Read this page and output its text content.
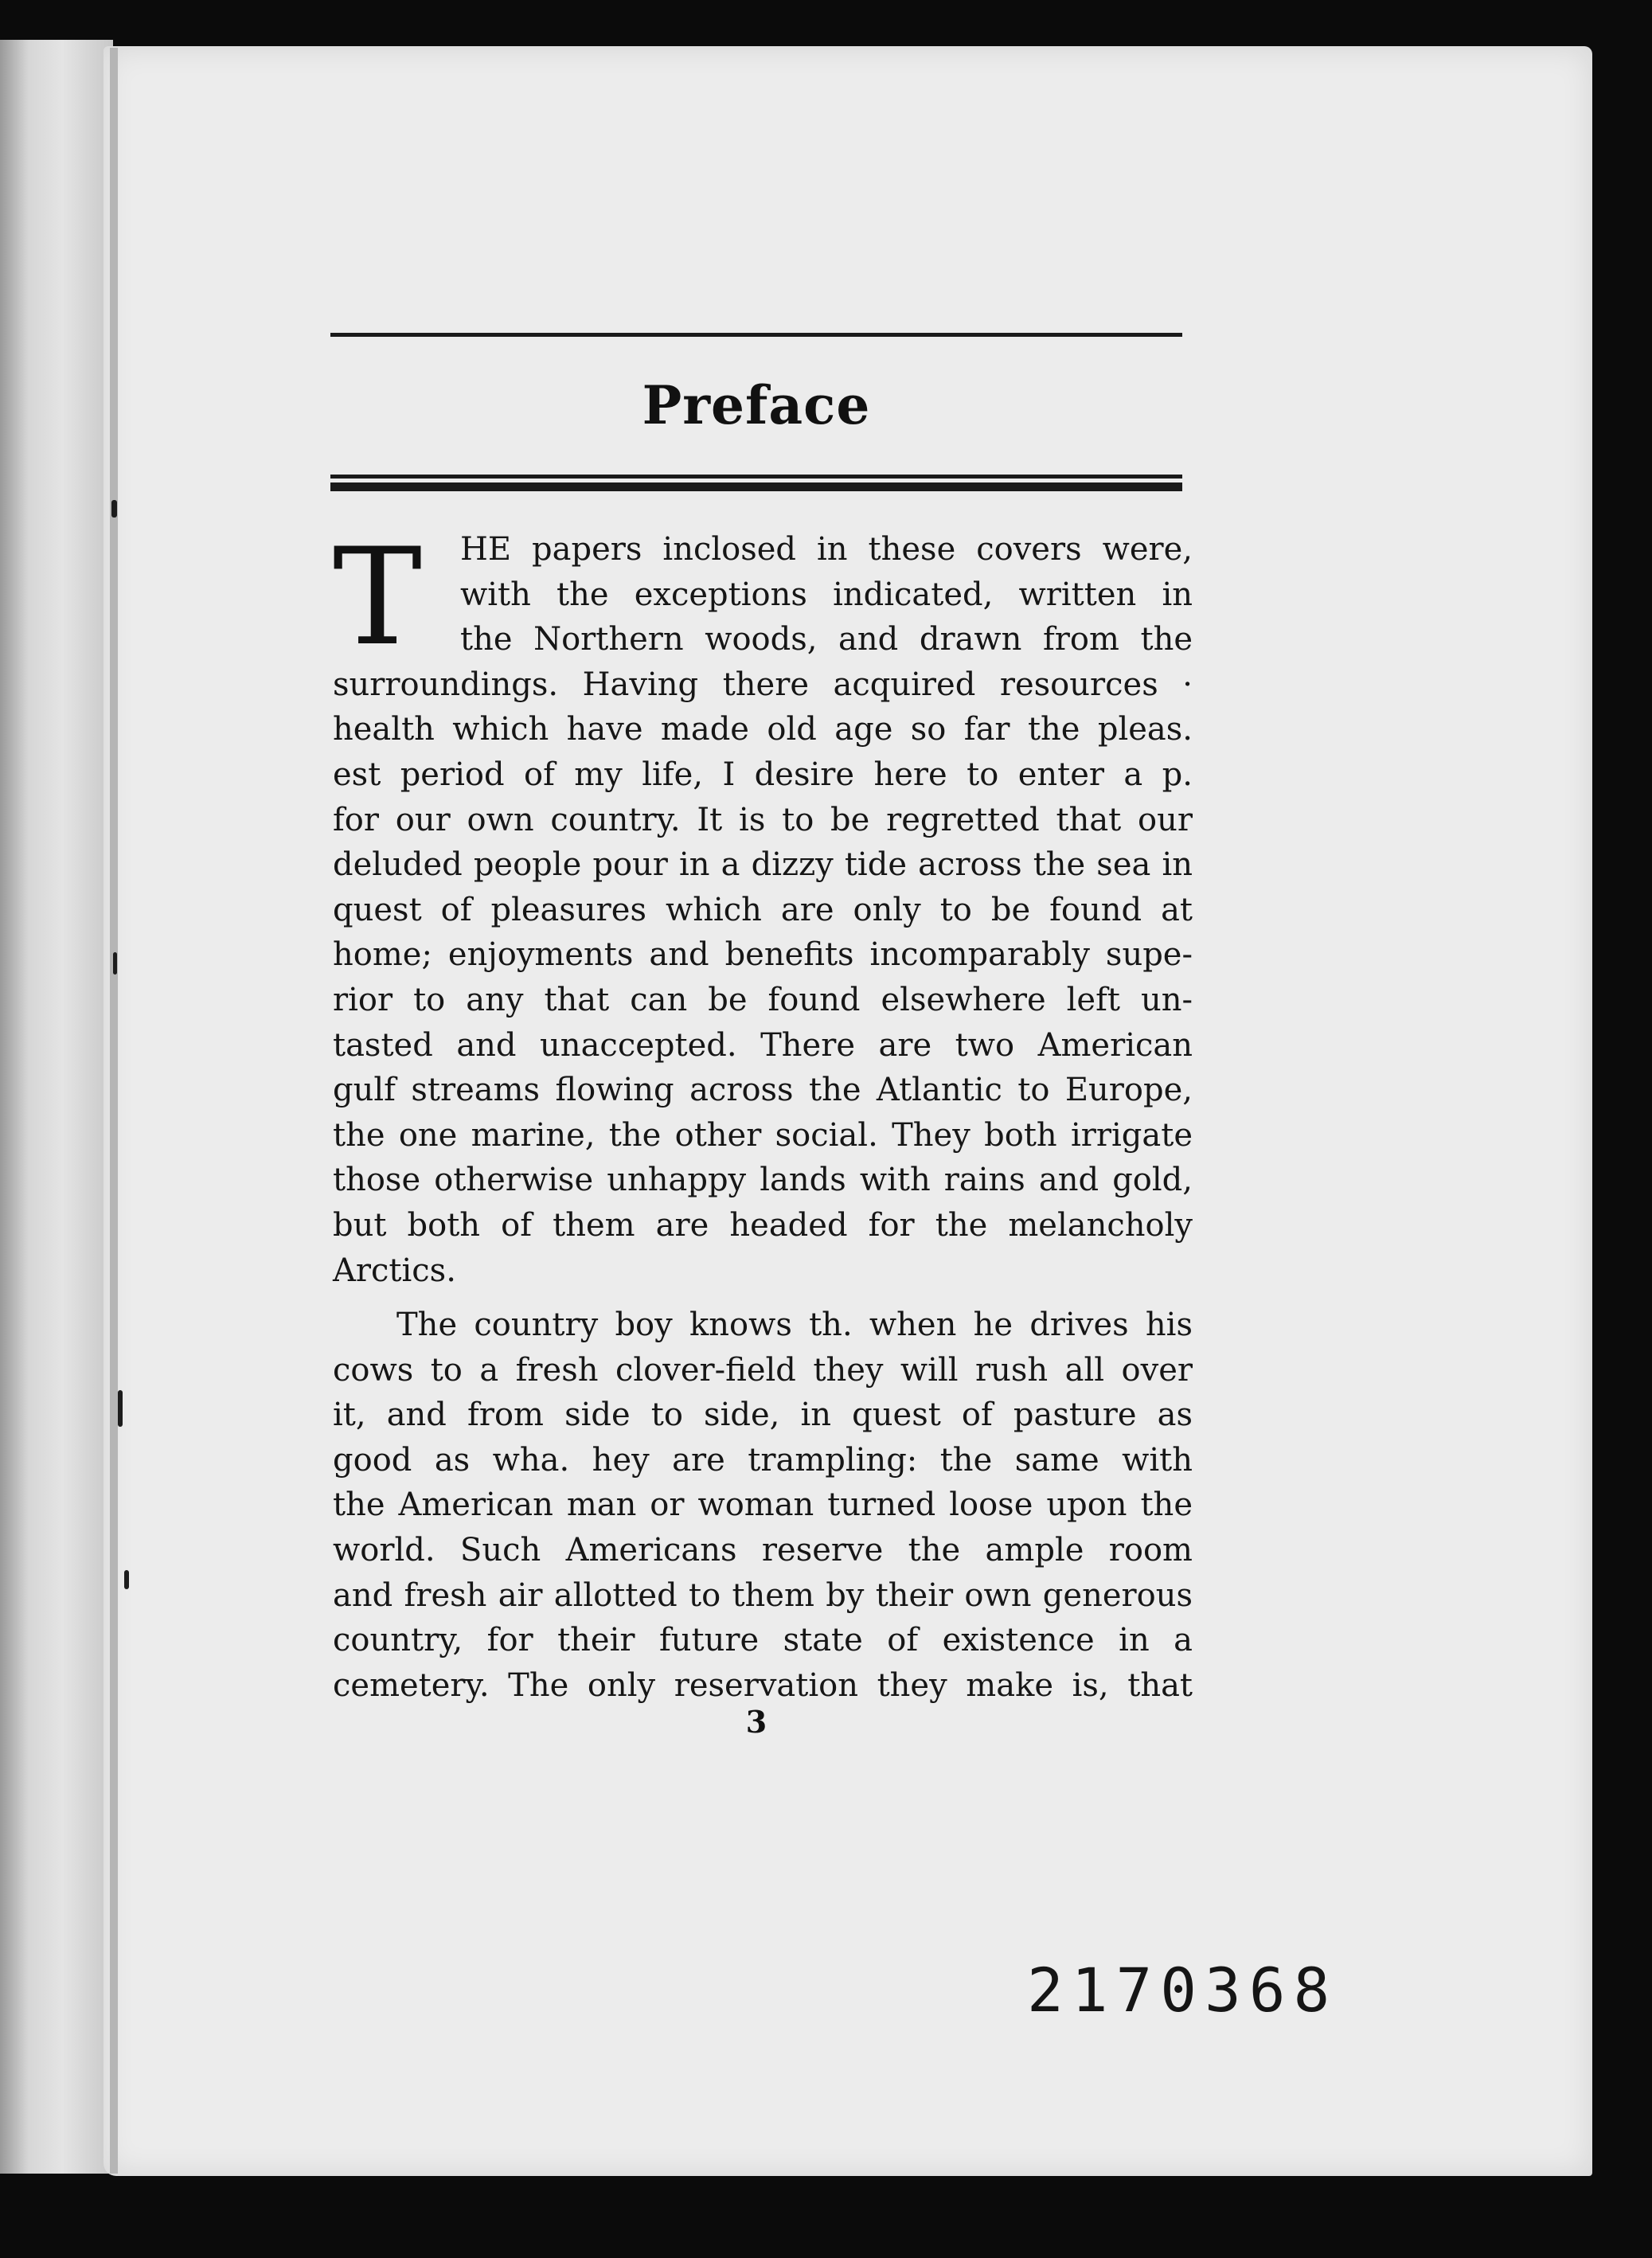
Preface
T	HE papers inclosed in these covers were,
with the exceptions indicated, written in
the Northern woods, and drawn from the
surroundings. Having there acquired resources ·
health which have made old age so far the pleas.
est period of my life, I desire here to enter a p.
for our own country. It is to be regretted that our
deluded people pour in a dizzy tide across the sea in
quest of pleasures which are only to be found at
home; enjoyments and benefits incomparably supe-
rior to any that can be found elsewhere left un-
tasted and unaccepted. There are two American
gulf streams flowing across the Atlantic to Europe,
the one marine, the other social. They both irrigate
those otherwise unhappy lands with rains and gold,
but both of them are headed for the melancholy
Arctics.
The country boy knows th. when he drives his
cows to a fresh clover-field they will rush all over
it, and from side to side, in quest of pasture as
good as wha. hey are trampling: the same with
the American man or woman turned loose upon the
world. Such Americans reserve the ample room
and fresh air allotted to them by their own generous
country, for their future state of existence in a
cemetery. The only reservation they make is, that
3
2170368
